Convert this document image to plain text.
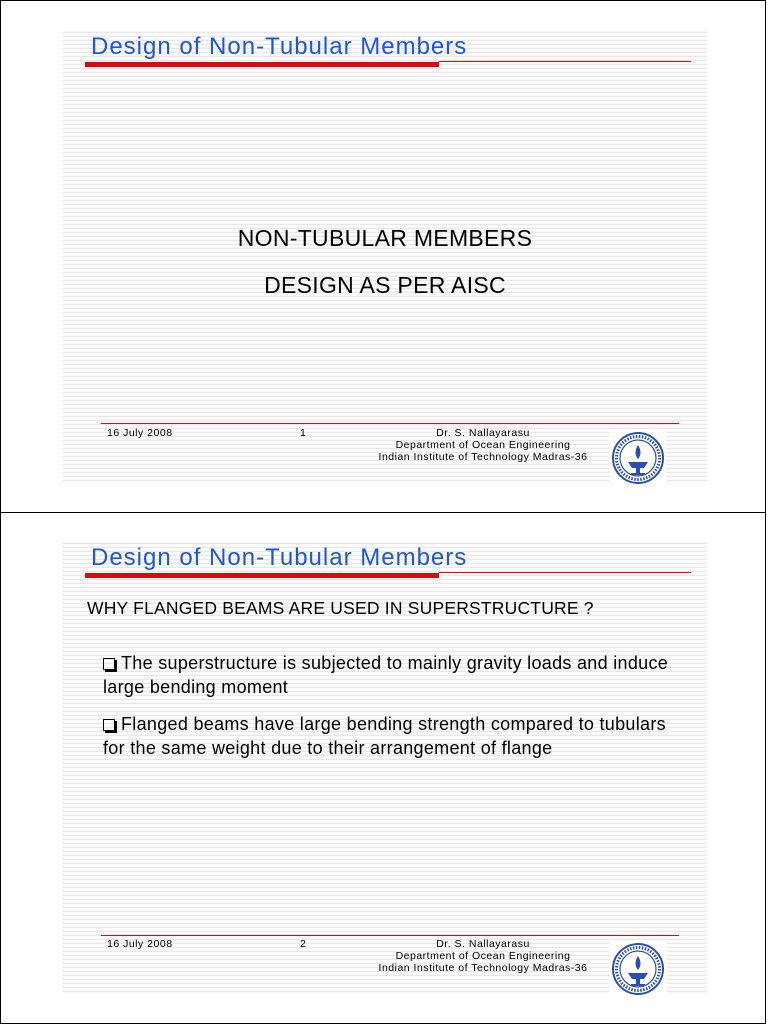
Design of Non-Tubular Members
NON-TUBULAR MEMBERS
DESIGN AS PER AISC
16 July 2008	1	Dr. S. Nallayarasu
Department of Ocean Engineering
Indian Institute of Technology Madras-36
Design of Non-Tubular Members
WHY FLANGED BEAMS ARE USED IN SUPERSTRUCTURE ?
The superstructure is subjected to mainly gravity loads and induce large bending moment
Flanged beams have large bending strength compared to tubulars for the same weight due to their arrangement of flange
16 July 2008	2	Dr. S. Nallayarasu
Department of Ocean Engineering
Indian Institute of Technology Madras-36
